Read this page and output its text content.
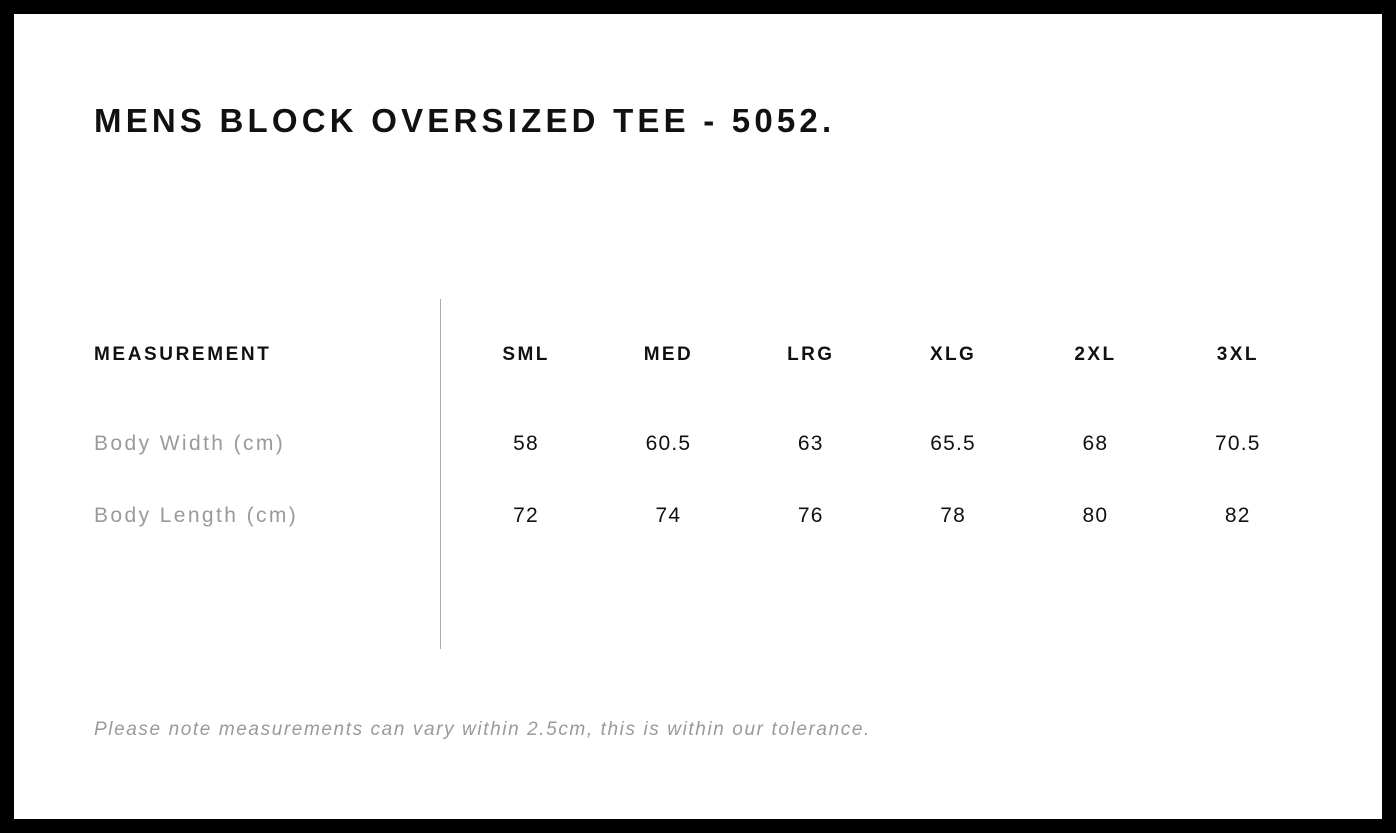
MENS BLOCK OVERSIZED TEE - 5052.
MEASUREMENT	SML	MED	LRG	XLG	2XL	3XL
Body Width (cm)	58	60.5	63	65.5	68	70.5
Body Length (cm)	72	74	76	78	80	82
Please note measurements can vary within 2.5cm, this is within our tolerance.
